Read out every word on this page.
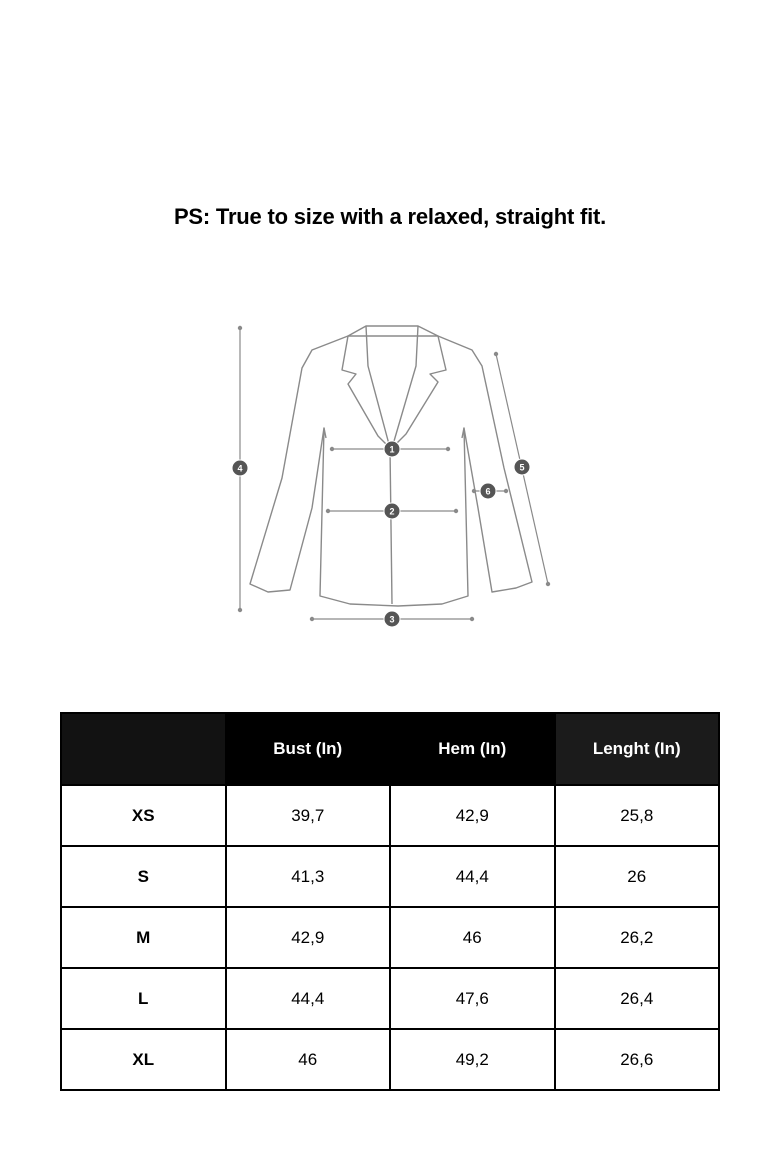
PS: True to size with a relaxed, straight fit.
1
2
3
4	5
6
	Bust (In)	Hem (In)	Lenght (In)
XS	39,7	42,9	25,8
S	41,3	44,4	26
M	42,9	46	26,2
L	44,4	47,6	26,4
XL	46	49,2	26,6
